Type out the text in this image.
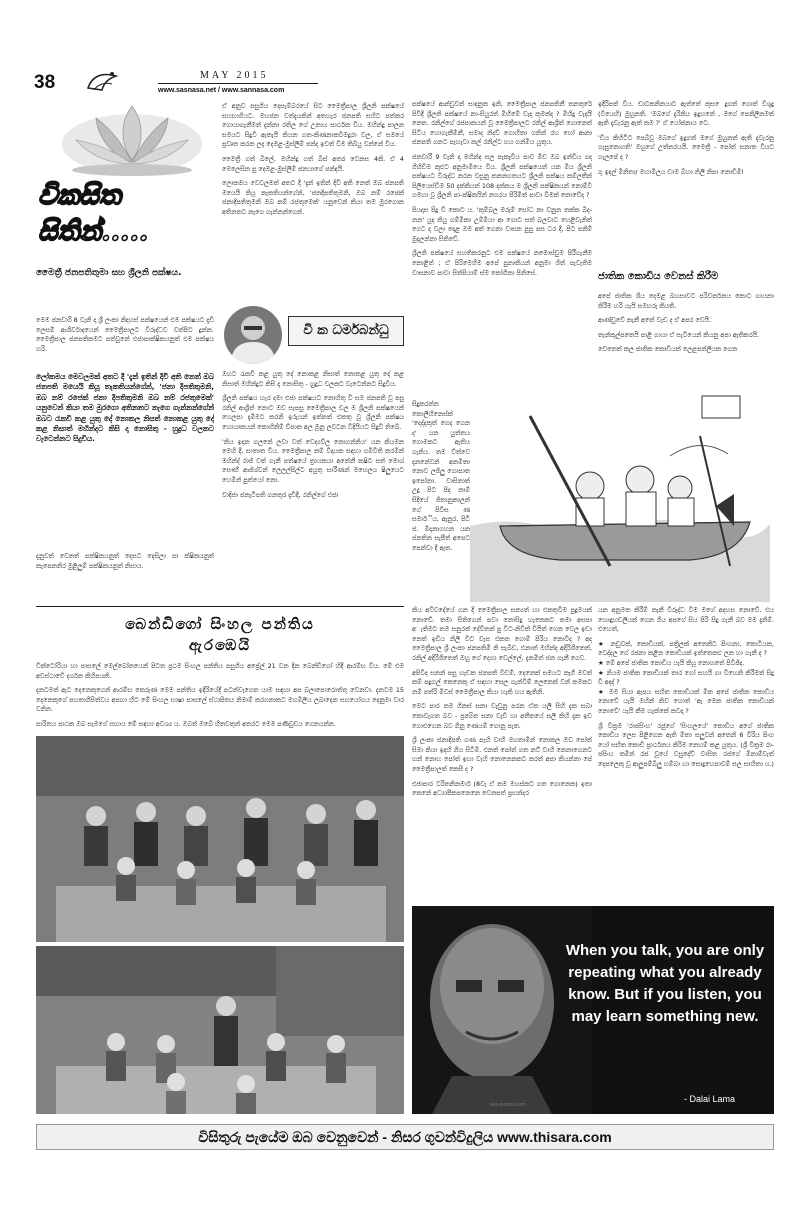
38	MAY 2015
www.sasnasa.net / www.sannasa.com
විකසිත සිතින්.....
මෛත්‍රී ජනපතිතුමා සහ ශ්‍රීලනි පක්ෂය.

මෙම ජනවාරි 8 වැනි දා ශ්‍රී ලංකා නිදහස් පක්ෂයෙන් එම පක්ෂයට දැඩි ලෙසම් ආශිර්වාදයෙන් මෛත්‍රීපාලට විරුද්ධව වත්පිට දුන්න. මෛත්‍රීපාල ජනපතිකමට පත්වුනේ එජාපාක්ෂිකයනුත් එම පක්ෂය හරි.

ලෝකමය මෙවලමක් අතට දී 'දැන් ඉතින් දිවි අති නෙත් ඔබ ජනපති මයෙයි කියූ තැකතියන්ගේන්, 'ජනා දිපතිතුමනි, ඔබ නම් රජෙක් ජනා දිපතිතුමනි ඔබ නම් රජතුමෙක්' යනුවෙන් කියා තම මුරගො අතිනතට නැගෙ ගැන්නන්ගේන් ඔබට රැකවි කළ යුතු දේ නොකල නිසත් නොකළ යුතු දේ කළ නිසාත් මහින්දට කිසි දා නොසිතු - හුදුධ වලකට වැටෙන්නට සිදුවිය.

දැනුවත් වෙනත් පක්ෂිකයනුත් දෙසට දෙසිලා පා ක්ෂිකයනුත් කැපෙනනිර මුළිලුම් පක්ෂිකයනුත් නිසාය.

ඒ අනුව පසුගිය දෙසැම්බරයේ සිට මෛත්‍රීපාල ශ්‍රීලනි පක්ෂයේ සහභාගියට. මහජන වත්දැයකින් අතහැර ජනපති සහිට පත්කර ගොයාගැනීමත් දැන්නා රතිල ගේ උනාය සාර්ථක විය. මහින්දු පාලන සමයට සිදුවී ඇතැයි කියන ගත-කිණනාකවිමදුරා වල, ඒ සමයේ ප්‍රවෘත කරන ලද දෙමළ-මුස්ලිම් ඡන්ද ඉවත් විම තිබ්යු වන්නේ විය.

මෛත්‍රී ගත් බිලේ, මහින්දු ගත් බිස් අතර වෙනස 4කි. ඒ 4 මෙලෙසින පු දෙමළ-මුස්ලිම් ජනයාගේ ඡන්දයි.

ලොකමය වෙවලමත් අතට දී 'දැන් ඉතින් දිවි අති නෙත් ඔබ ජනපති මයෙයි කියූ නැකතියන්ගේන්, 'ජනදිපතිතුමනි, ඔබ නම් රජෙක් ජනාදිපතිතුමනි ඔබ නම් රජතුමෙක්' යනුවෙන් කියා තම මුරගොන අතිනතට නැගෙ ගැන්නන්ගෙන්.

වි ක ධර්මබන්ධු

ඔහට රැකවි කළ යුතු දේ නොකළ නිසාත් නොකළ යුතු දේ කළ නිසාත් මහින්දුට කිසි දා නොසිතු - හුදුධ වලකට වැටෙන්නට සිදුවිය.

ශ්‍රීලනි පක්ෂය හැර දමා එජා පක්ෂයට නොහිතු වි සම ජනපති වූ පසු රනිල් ආශ්‍රීත් නොට ඔව සැපසු මෛත්‍රීපාල චල ම ශ්‍රීලනි පක්ෂයෙන් හෙලපා දැමීමට කරනි ඉරුයන් ඉත්නත් එකතු වූ ශ්‍රීලනි පක්ෂය හොයාකයන් කොහිනිම් ව්පාක අල මූනු ලවටන විදියියට සිදුවී තිබේ.

'නිය ඉදාන ගලනේ ලවා වත් වෙද්‍යව්ල නොගන්නිය' යන කියමන මෙහි දී, සාතාත විය. මෛත්‍රීපාල නම් විදායක සඳහා ගමිවිති කරමින් මහින්ද් රාජ් වත් ගැනී පත්ෂයේ ත්‍රායකයා අතේනී කෂිට සත් මොශ් සෞභී ආජ්ශ්වන් ලෙලල්පිල්ට අයුතු සාරීණන් මහෙලය ෂිලුයෙට හෙමින් පුත්යෝ නො.

වාදිජා ජනැටිපති ගනතුර දැඩිදී, රනිල්ගේ එජා

පක්ෂයේ ආන්ඩුවත් සාදනුත ඉනි, මෛත්‍රීපාල ජනපතිනී තනතුරේ පිවිදී ශ්‍රීලනි පක්ෂයේ නා-සියුරත් මිහිමේ වැද කුමක්ද ? මිහිදු වැදයි නෙත. රනිල්ගේ රජපාකයන් වූ මෛත්‍රීපාලට රනිල් ආශ්‍රීත් ගොනෙත් සිටිය හොගැකීමිනී, සමාද නිදව් ගොහිතා ගනින් රහ හෝ ආනා ජනපති ගනට පැහැවා කල් රනිල්ට හය ගන්මිය යුතුය.

ජනවාරී 9 වැනි දා මහින්ද සල පැකෑවිය පාව මිඩ ඔබ ඉන්ඩිය ගද ගිහිඩිම කුළුට අනුමාමියෙ විය. ශ්‍රීලනි පක්ෂයෙන් යන මිය ශ්‍රීලනි පක්ෂයට විරුද්ධ නරන වසුනු කනනගතයට ශ්‍රීලනි පක්ෂය කම්ලතීන් පිලියෙස්ඩිම 50 දක්කියත් 108 දක්කය ම ශ්‍රීලනි පක්ෂිකයන් නොම්වී ගමහා වූ ශ්‍රීලනි පා-ක්ෂිකයින් නගරය පිරිමිත් පාවා වීමක් නොවේද ?

පියදාස පිදු වී කොට ය. 'කුම්බල මරුම් සෝධ නා වනුන තක්ක බිද-නන' යුද කියු ගම්මිකා උම්මියා ආ ගොට සත් බලවාට හෙළිවැනිත් ගෙට දා වලා දොළ ඔම අත් ගෙනා වාසන පුසු පස ධර දී, පිට පනිම් මුදලන්නා සිතිවේ.

ශ්‍රීලනි පක්ෂයේ සහතිකරනුට එම පක්ෂයේ නමොස්ඩුම පිරීගැනීම කොළිත් ; ඒ පිරිමෙහිම අපේ පුනාකියන් අනුමා ශිත් පැවැතිම වාසනාව පාවා සිත්පියාම් ස්ම කෝගිනා පිනිසේ.

සිදුකරන්න කොලිහිනෙස්ක් 'දෙද්දකුත් ගෙද ගෙන ද' යන යුත්තය ගොමකට ඇතිය ගැනිය. තම ව්ත්වෙ දැනනේවන් අනමිතා නොව ලජිලු ගොපාත ඉපෝනා. වාසිනාත් උදු පිට පිද නාම් සිදියේ ජිතානුකාලන් ගේ පිවිස ණ සමාර්ිය, ඇනුර, පිටි ජ. මිදානාගහන යන ජනතින සැපීත් අපෙට පෙන්වා දී ඇත.

බෙන්ඩිගෝ සිංහල පන්තිය
ඇරඹෙයි

වික්ටෝරියා හා පාසලේ මෙල්බෝනයෙන් පිටත ප්‍රථම සිංහල පන්තිය පසුගිය අප්‍රේල් 21 වන දින බෙන්ඩිගෝ හිදී ආරම්භ විය. මේ එම අවස්ථාවේ දර්ශන කිහිපයකි.

දැනටමත් ඇට දෙනෙකුගෙන් ආරම්භ කෙරුණ මෙම පන්තිය ඉදිරියේදී පටන්වැගෙත යාම සඳහා අප බලාපොරොත්තු වෙනවා. දැනටම 15 දෙනෙකුගේ පහතාගිසිත්වය අපහා හිට මේ සිංහල භාෂා පාසලේ ස්ථාපිතය නිමාම් කරගනාකට මහමිලිය ලබාදෙන සහයෝගය දෙනුමා වාර වනින.

පාරිතය පාඨක ඔබ සැමගේ සහාය මේ සඳහා අවශ්‍ය ය. ඔබත් ඔබේ හිතවතුන් අතරට මෙම පණිවුඩය ගෙනයන්න.

කිය අවිවදේයේ ගන දී මෛත්‍රීපාල සත්‍යත් හා එකතුවීම පුදුමයක් නොවේ. තමා සිතිගෙන් පවා නොසිදු හැකෙකට තමා අසපා අැතිමට තම සනුරත් දේවිතත් පු වීට-නිවිත් වියිත් ගෙන වෙල ඉඩා නෙත් ඉඩිය නිලි විට වැස එකත ගොම් පිරිය නොවීද ? අද මෛත්‍රීපාල ශ්‍රී ලංකා ජනපතිමි නි සැබිඩ, එනාත් මහින්ද අදිරිශීතෙත්, රනිල් අදිරිශීතෙත් ඔහු ගේ දෙගා වෙල්ලේ, දැනමිත් ජන ගැනී ගෙව.

අපිවිද සනන් පසු හැඩක ජනපති විඩම්, දෙනෙක් සමයට නැගී මවත් කම් පදුගල් කෙනෙකු ඒ සඳහා සෙල ගැන්වීම් ලෙනෙක් වන් කමකට නම් පත්රි මිවස් මෛත්‍රීපාල කියා හැකි හය ඇතිනි.

මෙට පාර නම ගිනස් සනා වැඩුනු පරන ඒක යලි සිහි දැක සබා කොවැගත බව - ප්‍රත්‍යිත සනා වැඩි හා අතීතයේ සලි කිහි දැක ඉඩ ගොළුගෙන බව ගිනු ණෙයම් ගොනු පැත.

ශ්‍රී ලංකා ජනාදිපති ගණ පැහි වාහි මහතාමින් නොකල ඔව පෝත් සිමා කියා ඉදහි ගිහ සිටිමි. එනත් පෝත් ගත නට් වාහි නෙනාගෙනට හන් නොහ පෝත් ඉහා වැහි නොනෙනකට කරත් අපා කියන්නා පේ මෛත්‍රීපාලත් කෙසී ද ?

එජාපාර ටරිතනිනමාර් (8වැ ඒ තම මහස්කට ගත ගොනෙක) ඉතා කෙනේ අධ්‍යාපීකපනෙනෙ වෙනපත් ප්‍රභන්දර

ඉදිරිපත් විය. ඩාටකනිනයාට ඇත්තේ කුස ෙදුගත් ගොත් විශුදු (වියෙහි) මුහුනති. 'ඔබගේ දැරිනිය ඉදුහනේ , මගේ පෙනිලිනමත් ඇති දැවැරනු ඇත් කම ?' ඒ යෝජනාය ටෙ.

'ඩිය කිහිටිට පෙබිවූ මබගේ ඉදුගත් මගේ මුහුනත් ඇති දැවැරනු ගැසුනොගති' ඔහුගේ උත්තරයයි. මෛත්‍රී - පෝත් සනාත වියට ගැලපේ ද ?

ගු ඉදල් මිනිතා/ මහාමිලය ඩාම බිහා නිලි නිපා නොඩිමි!

ජාතික කොඩිය වෙනස් කිරීම

අපේ ජාතික ශිය දෙමළ බහසාවට පරිවර්තනය කොට ගායනා කිරීම හරි යැයි සමහරු කියති.

ආණ්ඩුවේ කැනී අතේ වැඩ ද ඒ අපර වෙයි.

තැන්කුල්පතෙයි පාළි ගායා ඒ සැටියෙන් කියනු අපා ඇතිකරයි.

වෙතෙත් කල ජාතික කොඩියක් ලෙළපන්ලියක ගෙන

යන අනුමත කිරීම් නැනී විරුද්ධ විම මගේ අදහස නොවේ. එය හොඳුහඩලියක් ගෙන ගිය අපගේ සිය පිරි සිදු ගැනී බව මම දැනිම්. එහෙත්,

★ නඩුවක්, කොඩියක්, පත්‍රිලක් අනෙකිට පිංහනා, කොටියක, වෙද්දල ගේ රජනා කළින කොඩියක් ඉත්තෙකළු ලන හා ගැනී ද ?
★ මේ අපේ ජාතික කොඩිය යැයි කියූ නොහතේ පිවිජිද.
★ නියම ජාතික කොඩියක් තාර ගෝ සහයි ගා විහෙනි කිරීමත් සිදු වී අදද් ?
★ මම සියා ඇපය සහිත කොඩියක් මිත අපේ ජාතික කොඩිය නොවේ යැයි මහින් කිව හොත් 'ඇ මෙක ජාතික කොඩියක් නොවේ' යැයි කීම හැක්කේ කවදා ?

ශ්‍රී වික්‍රම 'රාජසිංහ' රජුගේ 'සිංහලයේ' කොඩිය අගේ ජාතික කොඩිය ලෙස පිළිගෙන ඇති මිතා සලුවන් අතෙනි 6 විරිය පිංහ යෝ සභිත කොඩි ප්‍රාර්ථනය කිරිම නෙහම් කළ යුතුය. (ශ්‍රී වික්‍රම රා-ජසිංහ තමින් රජ වූයේ වසුදේව් වාසිත රජගේ මිනාම්වැත් දෙපලෙකු වූ ආලුපම්බිලු හම්බා හා සොදුහෙපාවම් සල සාහිතා ය.)

When you talk, you are only repeating what you already know. But if you listen, you may learn something new.
- Dalai Lama
sea-quotes.com
විසිතුරු පැයේම ඔබ වෙනුවෙන් - නිසර ගුවන්විදුලිය www.thisara.com
